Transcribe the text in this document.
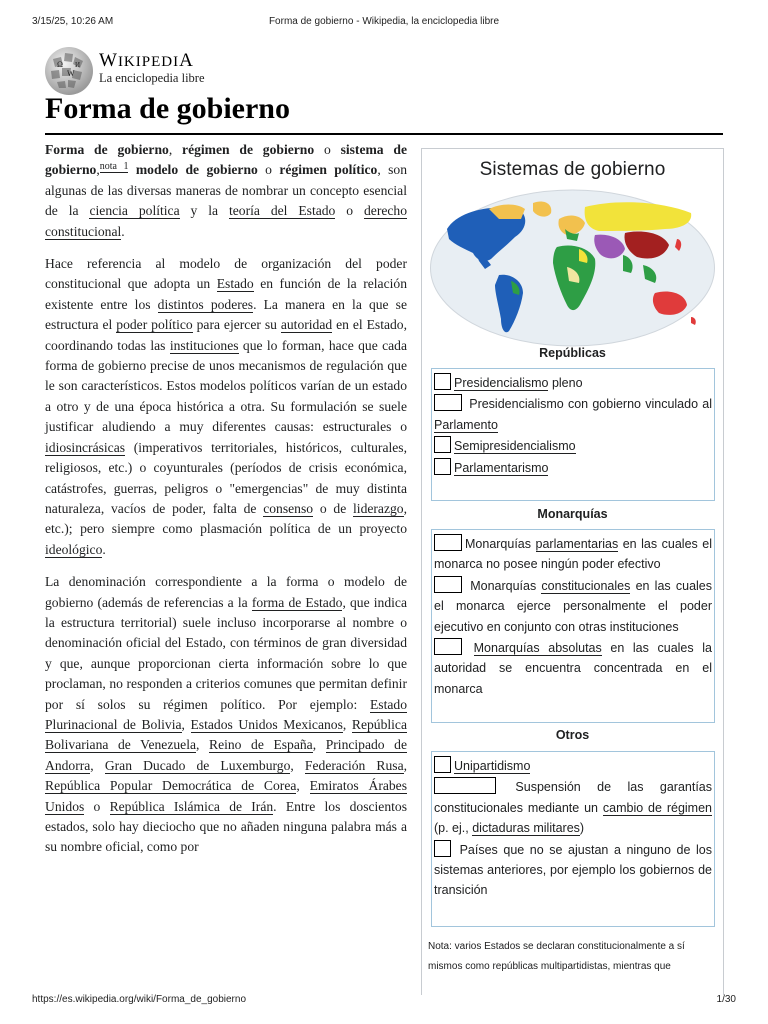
3/15/25, 10:26 AM	Forma de gobierno - Wikipedia, la enciclopedia libre
Ω
W
И WIKIPEDIA
La enciclopedia libre
Forma de gobierno

Forma de gobierno, régimen de gobierno o sistema de gobierno,$^{nota 1}$ modelo de gobierno o régimen político, son algunas de las diversas maneras de nombrar un concepto esencial de la ciencia política y la teoría del Estado o derecho constitucional.

Hace referencia al modelo de organización del poder constitucional que adopta un Estado en función de la relación existente entre los distintos poderes. La manera en la que se estructura el poder político para ejercer su autoridad en el Estado, coordinando todas las instituciones que lo forman, hace que cada forma de gobierno precise de unos mecanismos de regulación que le son característicos. Estos modelos políticos varían de un estado a otro y de una época histórica a otra. Su formulación se suele justificar aludiendo a muy diferentes causas: estructurales o idiosincrásicas (imperativos territoriales, históricos, culturales, religiosos, etc.) o coyunturales (períodos de crisis económica, catástrofes, guerras, peligros o "emergencias" de muy distinta naturaleza, vacíos de poder, falta de consenso o de liderazgo, etc.); pero siempre como plasmación política de un proyecto ideológico.

La denominación correspondiente a la forma o modelo de gobierno (además de referencias a la forma de Estado, que indica la estructura territorial) suele incluso incorporarse al nombre o denominación oficial del Estado, con términos de gran diversidad y que, aunque proporcionan cierta información sobre lo que proclaman, no responden a criterios comunes que permitan definir por sí solos su régimen político. Por ejemplo: Estado Plurinacional de Bolivia, Estados Unidos Mexicanos, República Bolivariana de Venezuela, Reino de España, Principado de Andorra, Gran Ducado de Luxemburgo, Federación Rusa, República Popular Democrática de Corea, Emiratos Árabes Unidos o República Islámica de Irán. Entre los doscientos estados, solo hay dieciocho que no añaden ninguna palabra más a su nombre oficial, como por

Sistemas de gobierno
Repúblicas

Presidencialismo pleno

Presidencialismo con gobierno vinculado al Parlamento

Semipresidencialismo

Parlamentarismo

Monarquías

Monarquías parlamentarias en las cuales el monarca no posee ningún poder efectivo

Monarquías constitucionales en las cuales el monarca ejerce personalmente el poder ejecutivo en conjunto con otras instituciones

Monarquías absolutas en las cuales la autoridad se encuentra concentrada en el monarca

Otros

Unipartidismo

Suspensión de las garantías constitucionales mediante un cambio de régimen (p. ej., dictaduras militares)

Países que no se ajustan a ninguno de los sistemas anteriores, por ejemplo los gobiernos de transición

Nota: varios Estados se declaran constitucionalmente a sí mismos como repúblicas multipartidistas, mientras que
https://es.wikipedia.org/wiki/Forma_de_gobierno	1/30
